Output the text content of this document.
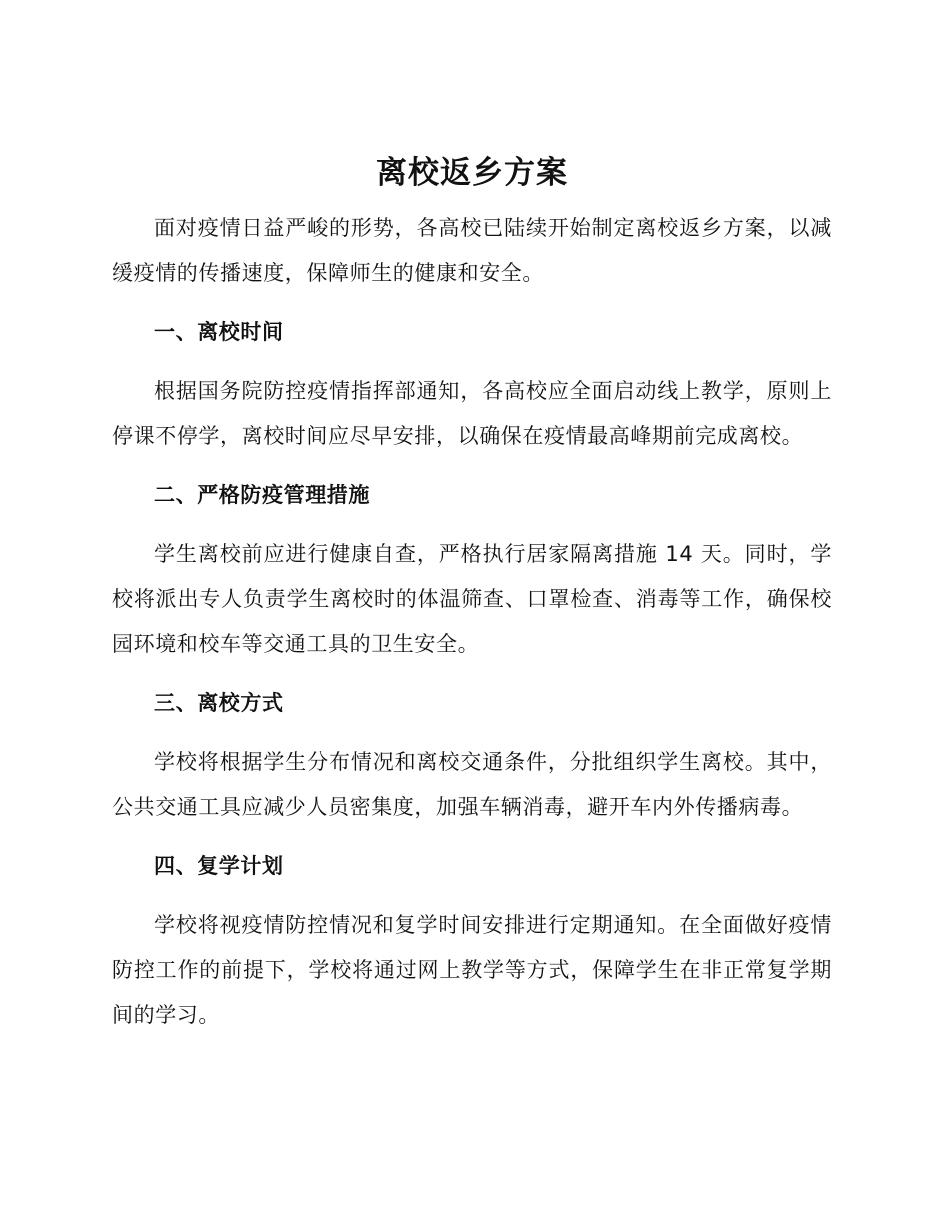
离校返乡方案

面对疫情日益严峻的形势，各高校已陆续开始制定离校返乡方案，以减缓疫情的传播速度，保障师生的健康和安全。

一、离校时间

根据国务院防控疫情指挥部通知，各高校应全面启动线上教学，原则上停课不停学，离校时间应尽早安排，以确保在疫情最高峰期前完成离校。

二、严格防疫管理措施

学生离校前应进行健康自查，严格执行居家隔离措施 14 天。同时，学校将派出专人负责学生离校时的体温筛查、口罩检查、消毒等工作，确保校园环境和校车等交通工具的卫生安全。

三、离校方式

学校将根据学生分布情况和离校交通条件，分批组织学生离校。其中，公共交通工具应减少人员密集度，加强车辆消毒，避开车内外传播病毒。

四、复学计划

学校将视疫情防控情况和复学时间安排进行定期通知。在全面做好疫情防控工作的前提下，学校将通过网上教学等方式，保障学生在非正常复学期间的学习。
